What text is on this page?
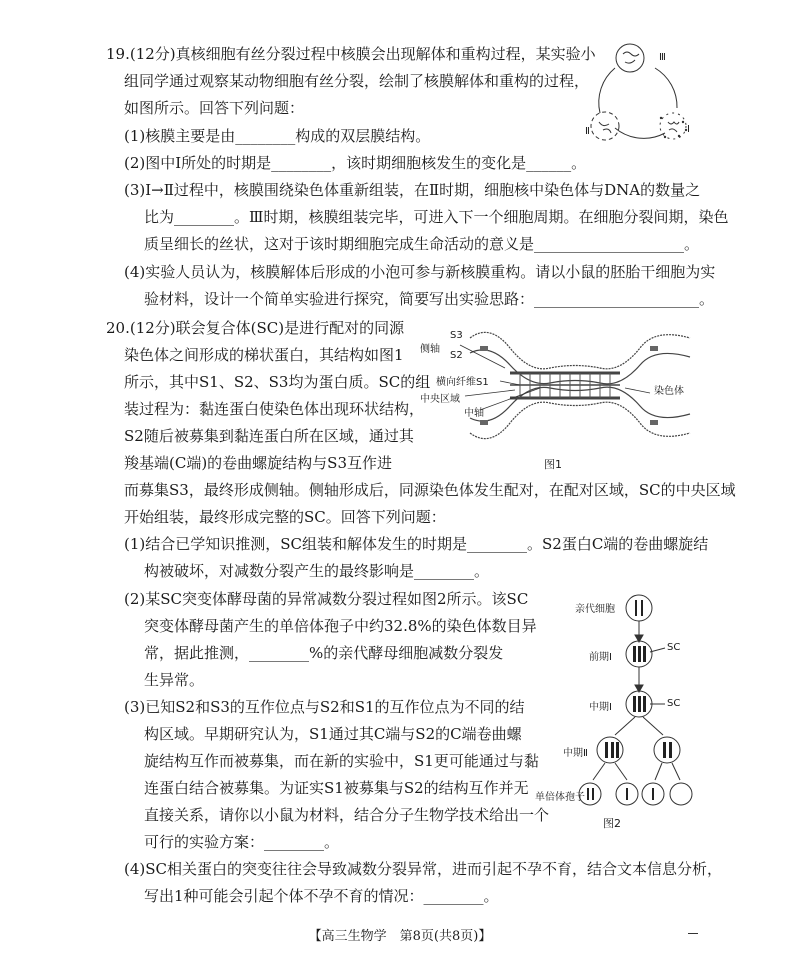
19.(12分)真核细胞有丝分裂过程中核膜会出现解体和重构过程，某实验小
组同学通过观察某动物细胞有丝分裂，绘制了核膜解体和重构的过程，
如图所示。回答下列问题：
(1)核膜主要是由________构成的双层膜结构。
(2)图中Ⅰ所处的时期是________，该时期细胞核发生的变化是______。
(3)Ⅰ→Ⅱ过程中，核膜围绕染色体重新组装，在Ⅱ时期，细胞核中染色体与DNA的数量之
比为________。Ⅲ时期，核膜组装完毕，可进入下一个细胞周期。在细胞分裂间期，染色
质呈细长的丝状，这对于该时期细胞完成生命活动的意义是____________________。
(4)实验人员认为，核膜解体后形成的小泡可参与新核膜重构。请以小鼠的胚胎干细胞为实
验材料，设计一个简单实验进行探究，简要写出实验思路：______________________。
Ⅲ
Ⅱ	Ⅰ
20.(12分)联会复合体(SC)是进行配对的同源
染色体之间形成的梯状蛋白，其结构如图1
所示，其中S1、S2、S3均为蛋白质。SC的组
装过程为：黏连蛋白使染色体出现环状结构，
S2随后被募集到黏连蛋白所在区域，通过其
羧基端(C端)的卷曲螺旋结构与S3互作进
而募集S3，最终形成侧轴。侧轴形成后，同源染色体发生配对，在配对区域，SC的中央区域
开始组装，最终形成完整的SC。回答下列问题：
(1)结合已学知识推测，SC组装和解体发生的时期是________。S2蛋白C端的卷曲螺旋结
构被破坏，对减数分裂产生的最终影响是________。
(2)某SC突变体酵母菌的异常减数分裂过程如图2所示。该SC
突变体酵母菌产生的单倍体孢子中约32.8%的染色体数目异
常，据此推测，________%的亲代酵母细胞减数分裂发
生异常。
(3)已知S2和S3的互作位点与S2和S1的互作位点为不同的结
构区域。早期研究认为，S1通过其C端与S2的C端卷曲螺
旋结构互作而被募集，而在新的实验中，S1更可能通过与黏
连蛋白结合被募集。为证实S1被募集与S2的结构互作并无
直接关系，请你以小鼠为材料，结合分子生物学技术给出一个
可行的实验方案：________。
(4)SC相关蛋白的突变往往会导致减数分裂异常，进而引起不孕不育，结合文本信息分析，
写出1种可能会引起个体不孕不育的情况：________。
侧轴
S3
S2
横向纤维S1
中央区域
中轴
染色体
图1
亲代细胞
前期Ⅰ
SC
中期Ⅰ	SC
中期Ⅱ
单倍体孢子
图2
【高三生物学　第8页(共8页)】
